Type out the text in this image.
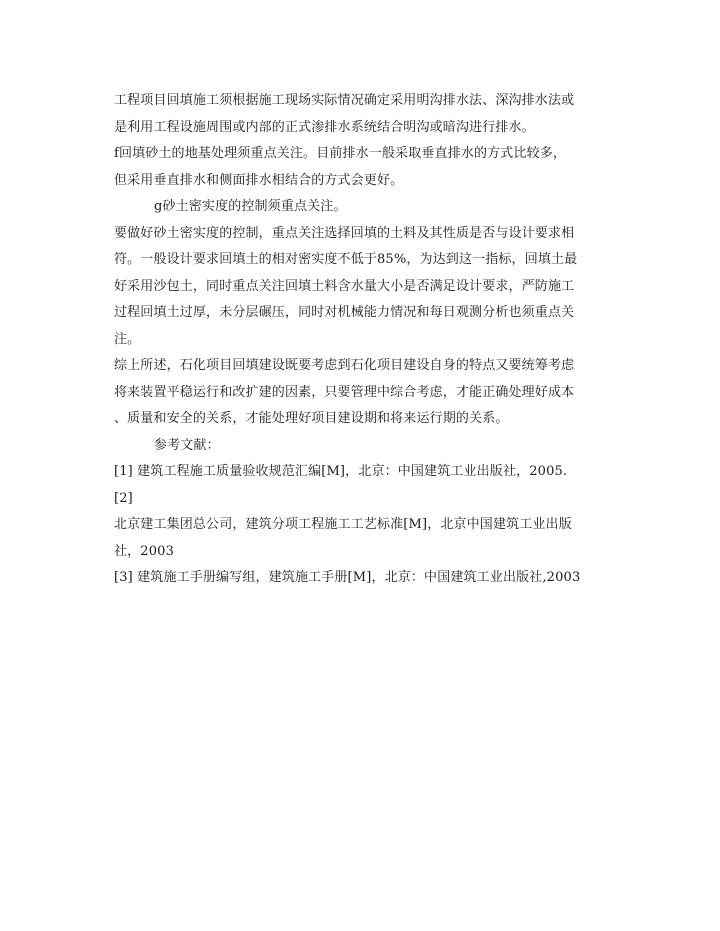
工程项目回填施工须根据施工现场实际情况确定采用明沟排水法、深沟排水法或
是利用工程设施周围或内部的正式渗排水系统结合明沟或暗沟进行排水。
f回填砂土的地基处理须重点关注。目前排水一般采取垂直排水的方式比较多，
但采用垂直排水和侧面排水相结合的方式会更好。
g砂土密实度的控制须重点关注。
要做好砂土密实度的控制，重点关注选择回填的土料及其性质是否与设计要求相
符。一般设计要求回填土的相对密实度不低于85%，为达到这一指标，回填土最
好采用沙包土，同时重点关注回填土料含水量大小是否满足设计要求，严防施工
过程回填土过厚，未分层碾压，同时对机械能力情况和每日观测分析也须重点关
注。
综上所述，石化项目回填建设既要考虑到石化项目建设自身的特点又要统筹考虑
将来装置平稳运行和改扩建的因素，只要管理中综合考虑，才能正确处理好成本
、质量和安全的关系，才能处理好项目建设期和将来运行期的关系。
参考文献：
[1] 建筑工程施工质量验收规范汇编[M]，北京：中国建筑工业出版社，2005.
[2]
北京建工集团总公司，建筑分项工程施工工艺标准[M]，北京中国建筑工业出版
社，2003
[3] 建筑施工手册编写组，建筑施工手册[M]，北京：中国建筑工业出版社,2003
